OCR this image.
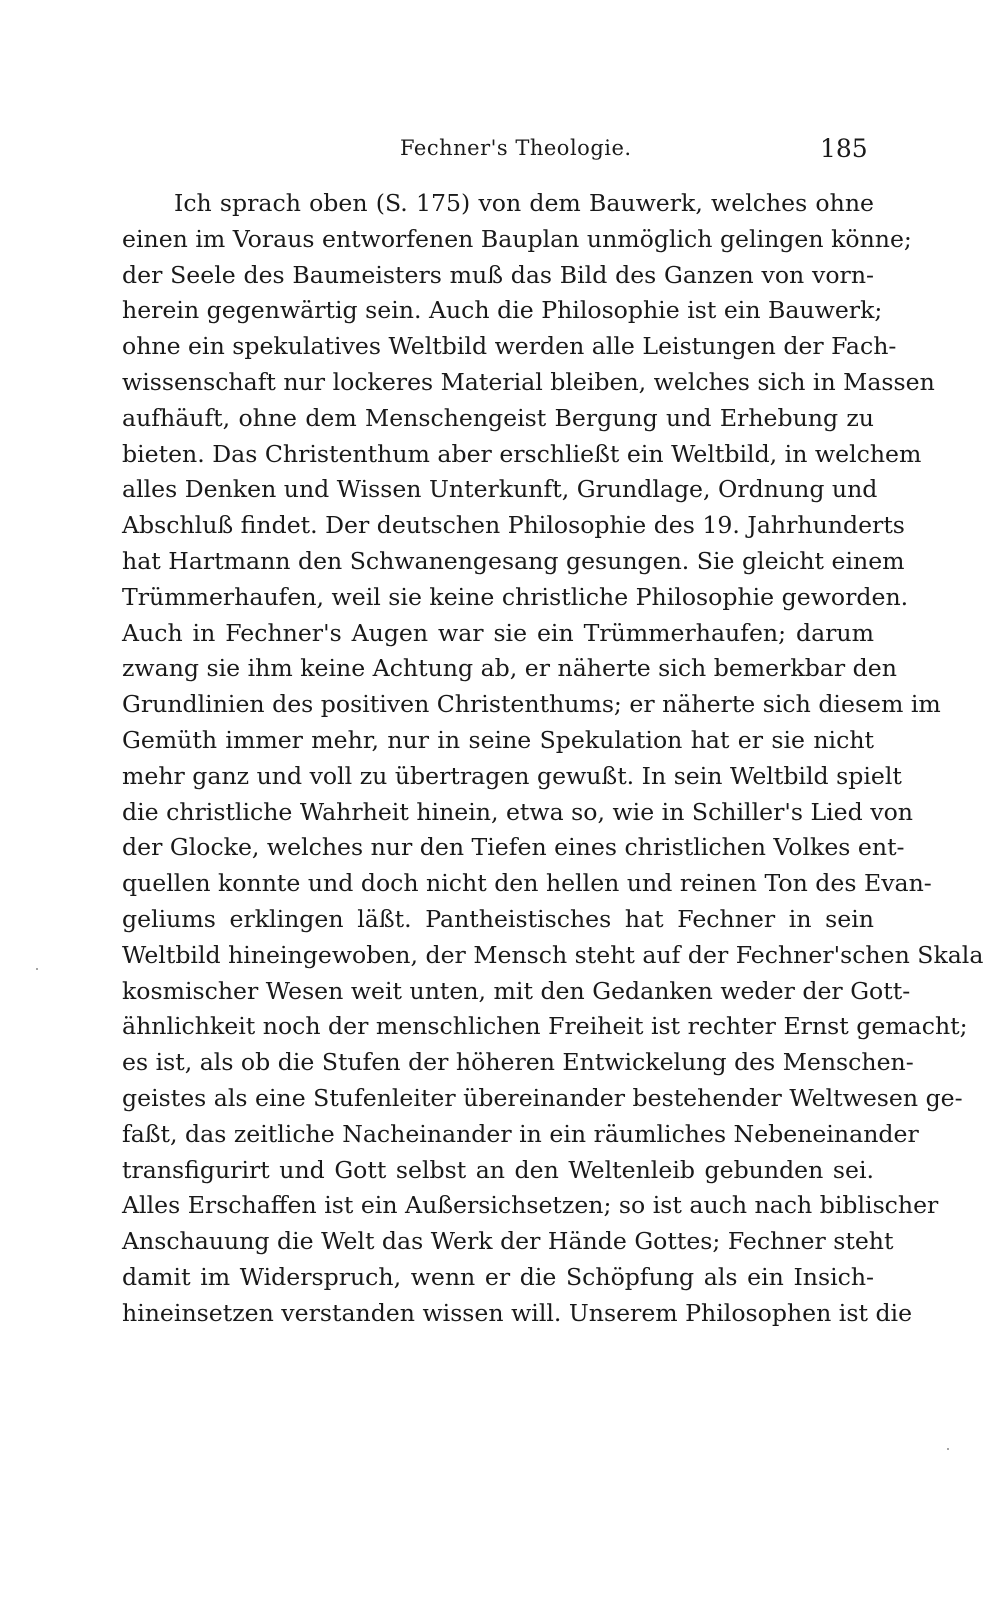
Fechner's Theologie.	185
Ich sprach oben (S. 175) von dem Bauwerk, welches ohne
einen im Voraus entworfenen Bauplan unmöglich gelingen könne;
der Seele des Baumeisters muß das Bild des Ganzen von vorn-
herein gegenwärtig sein. Auch die Philosophie ist ein Bauwerk;
ohne ein spekulatives Weltbild werden alle Leistungen der Fach-
wissenschaft nur lockeres Material bleiben, welches sich in Massen
aufhäuft, ohne dem Menschengeist Bergung und Erhebung zu
bieten. Das Christenthum aber erschließt ein Weltbild, in welchem
alles Denken und Wissen Unterkunft, Grundlage, Ordnung und
Abschluß findet. Der deutschen Philosophie des 19. Jahrhunderts
hat Hartmann den Schwanengesang gesungen. Sie gleicht einem
Trümmerhaufen, weil sie keine christliche Philosophie geworden.
Auch in Fechner's Augen war sie ein Trümmerhaufen; darum
zwang sie ihm keine Achtung ab, er näherte sich bemerkbar den
Grundlinien des positiven Christenthums; er näherte sich diesem im
Gemüth immer mehr, nur in seine Spekulation hat er sie nicht
mehr ganz und voll zu übertragen gewußt. In sein Weltbild spielt
die christliche Wahrheit hinein, etwa so, wie in Schiller's Lied von
der Glocke, welches nur den Tiefen eines christlichen Volkes ent-
quellen konnte und doch nicht den hellen und reinen Ton des Evan-
geliums erklingen läßt. Pantheistisches hat Fechner in sein
Weltbild hineingewoben, der Mensch steht auf der Fechner'schen Skala
kosmischer Wesen weit unten, mit den Gedanken weder der Gott-
ähnlichkeit noch der menschlichen Freiheit ist rechter Ernst gemacht;
es ist, als ob die Stufen der höheren Entwickelung des Menschen-
geistes als eine Stufenleiter übereinander bestehender Weltwesen ge-
faßt, das zeitliche Nacheinander in ein räumliches Nebeneinander
transfigurirt und Gott selbst an den Weltenleib gebunden sei.
Alles Erschaffen ist ein Außersichsetzen; so ist auch nach biblischer
Anschauung die Welt das Werk der Hände Gottes; Fechner steht
damit im Widerspruch, wenn er die Schöpfung als ein Insich-
hineinsetzen verstanden wissen will. Unserem Philosophen ist die
